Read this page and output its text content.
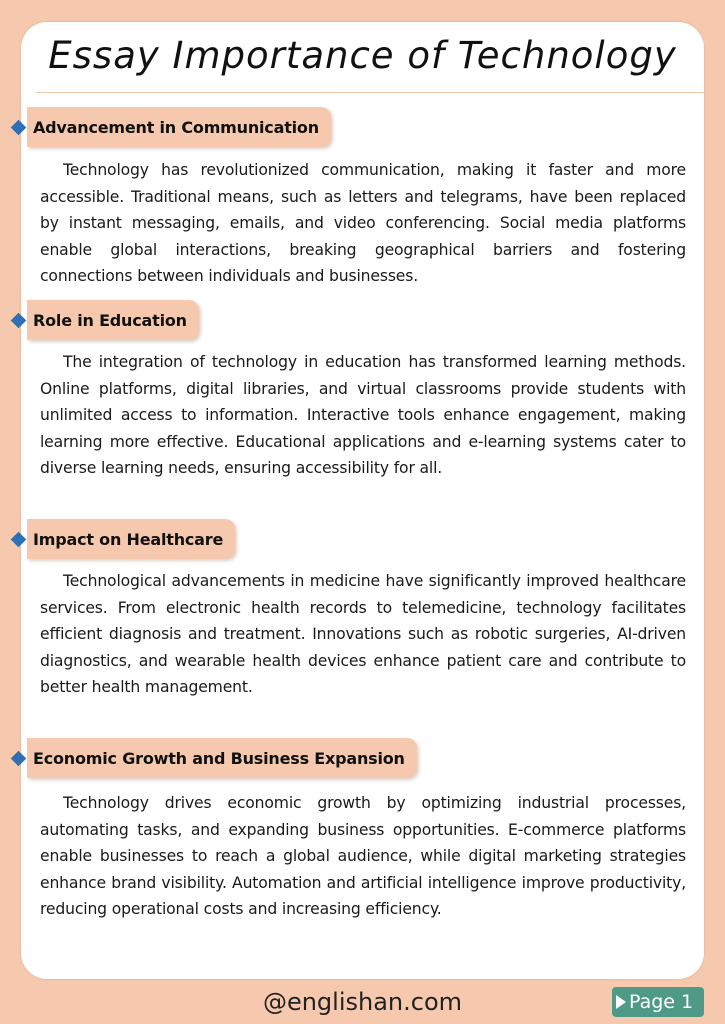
Essay Importance of Technology
Advancement in Communication

Technology has revolutionized communication, making it faster and more accessible. Traditional means, such as letters and telegrams, have been replaced by instant messaging, emails, and video conferencing. Social media platforms enable global interactions, breaking geographical barriers and fostering connections between individuals and businesses.

Role in Education

The integration of technology in education has transformed learning methods. Online platforms, digital libraries, and virtual classrooms provide students with unlimited access to information. Interactive tools enhance engagement, making learning more effective. Educational applications and e-learning systems cater to diverse learning needs, ensuring accessibility for all.

Impact on Healthcare

Technological advancements in medicine have significantly improved healthcare services. From electronic health records to telemedicine, technology facilitates efficient diagnosis and treatment. Innovations such as robotic surgeries, AI-driven diagnostics, and wearable health devices enhance patient care and contribute to better health management.

Economic Growth and Business Expansion

Technology drives economic growth by optimizing industrial processes, automating tasks, and expanding business opportunities. E-commerce platforms enable businesses to reach a global audience, while digital marketing strategies enhance brand visibility. Automation and artificial intelligence improve productivity, reducing operational costs and increasing efficiency.

@englishan.com	Page 1
